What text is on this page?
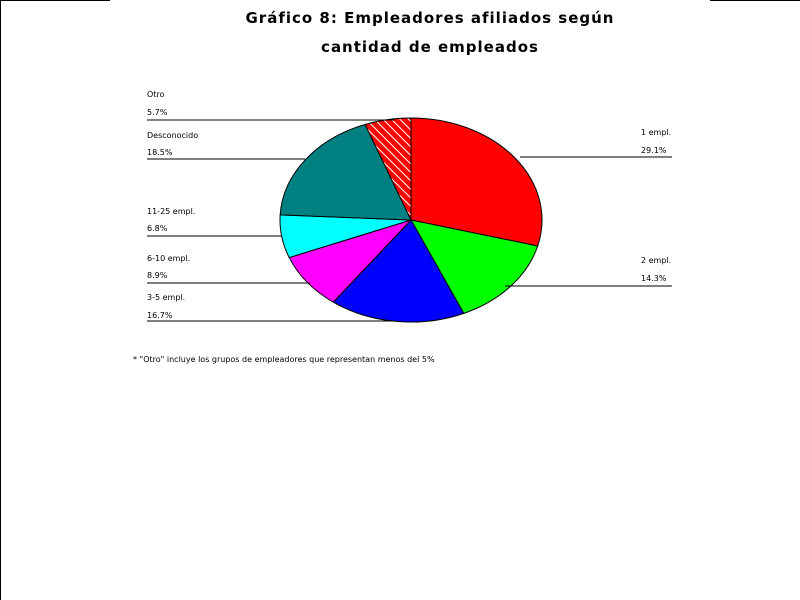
Gráfico 8: Empleadores afiliados según
cantidad de empleados
1 empl.
29.1%
2 empl.
14.3%
3-5 empl.
16.7%
6-10 empl.
8.9%
11-25 empl.
6.8%
Desconocido
18.5%
Otro
5.7%
* "Otro" incluye los grupos de empleadores que representan menos del 5%
